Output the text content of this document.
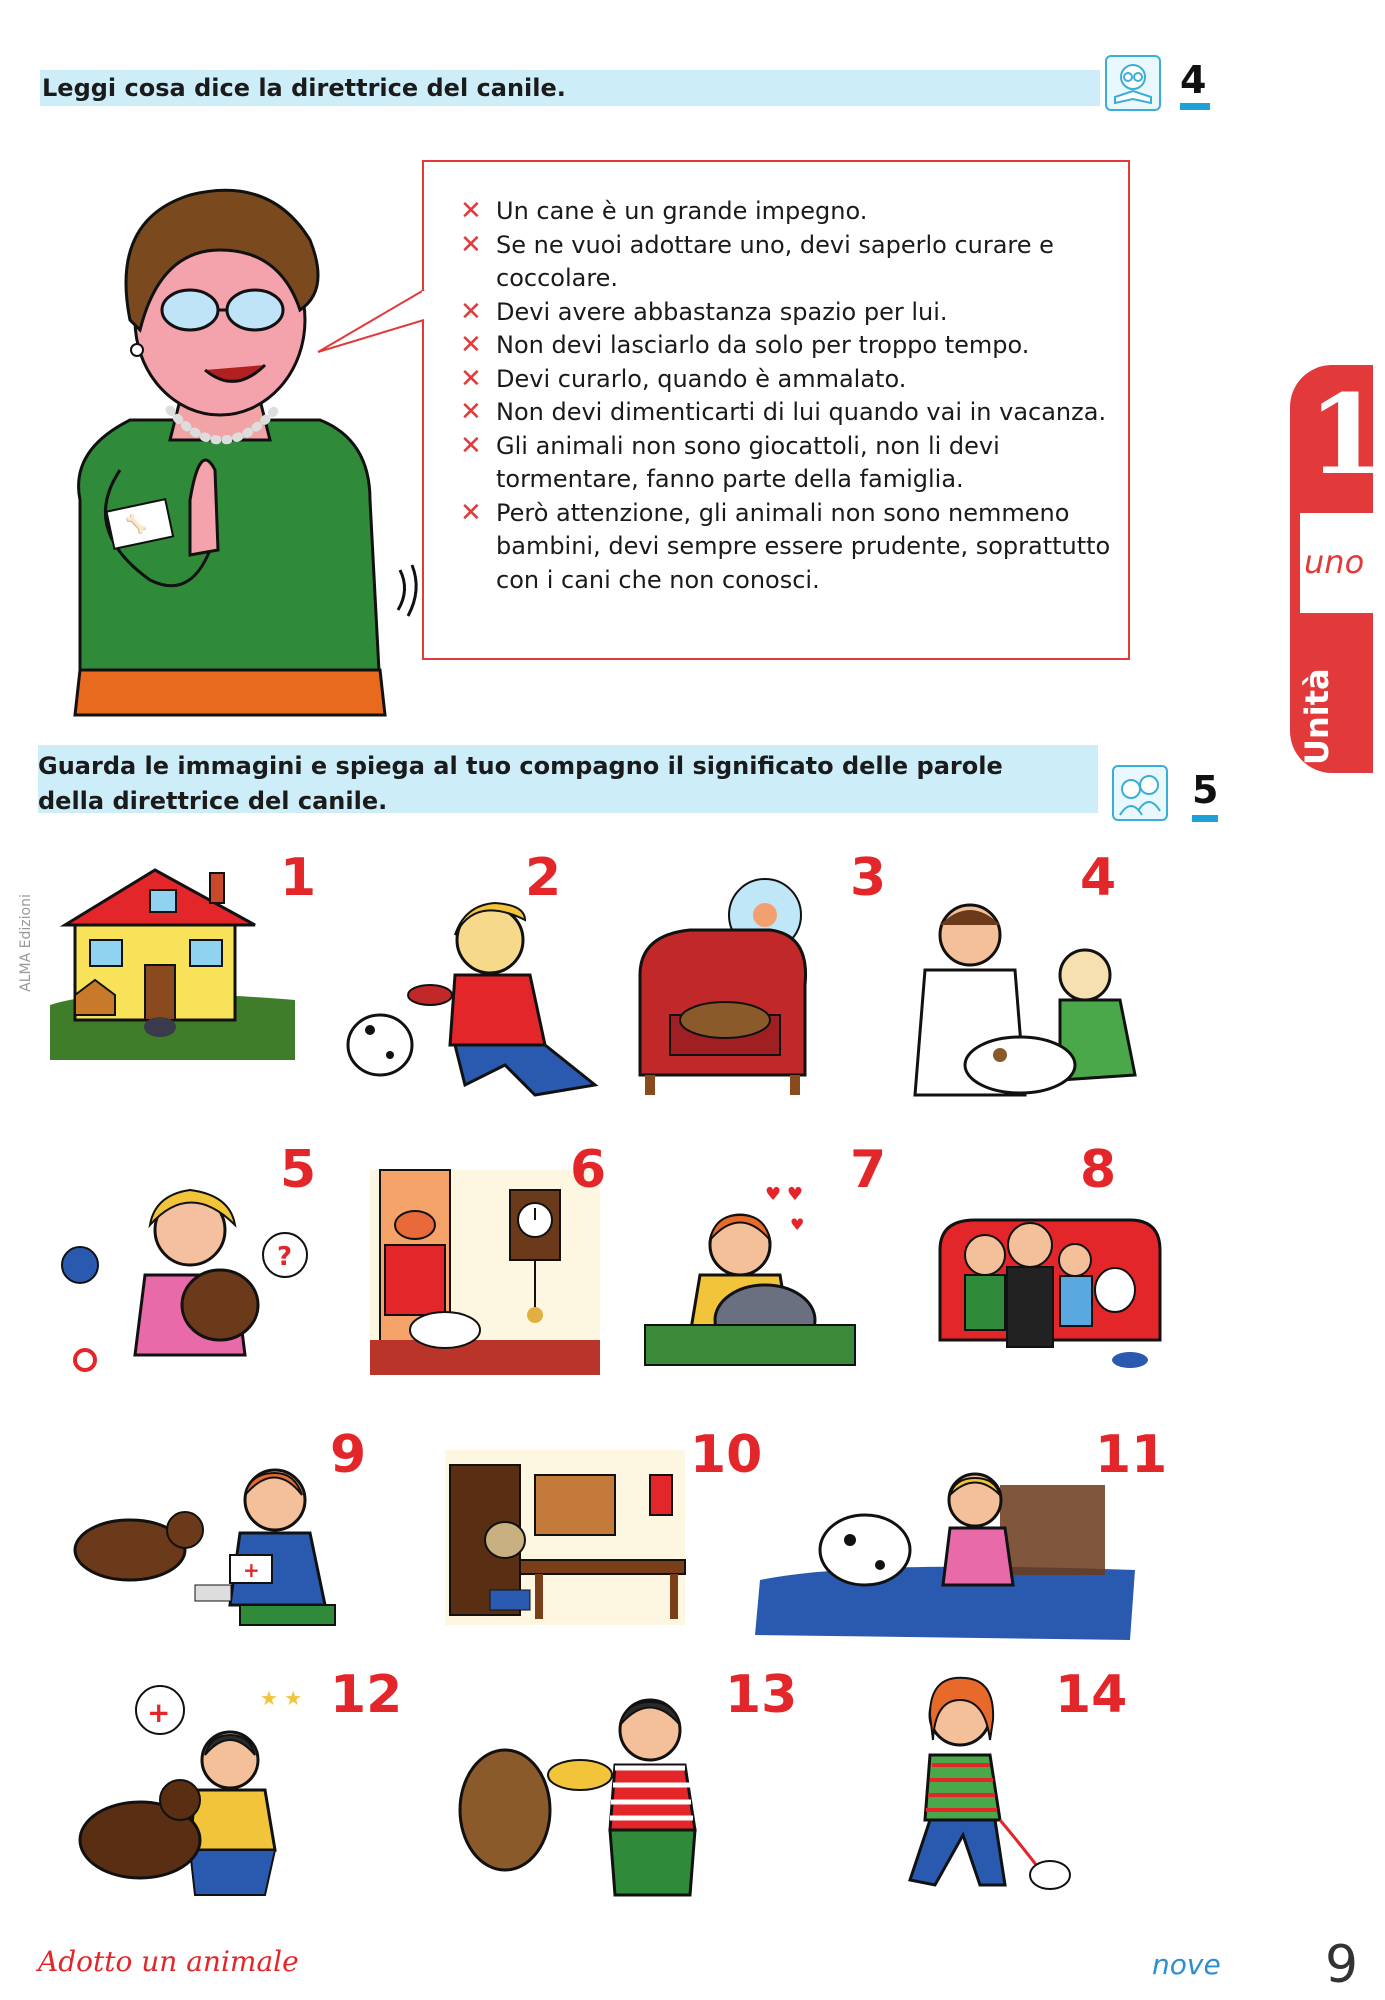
Leggi cosa dice la direttrice del canile.	4
🦴
✕ Un cane è un grande impegno.
✕ Se ne vuoi adottare uno, devi saperlo curare e coccolare.
✕ Devi avere abbastanza spazio per lui.
✕ Non devi lasciarlo da solo per troppo tempo.
✕ Devi curarlo, quando è ammalato.
✕ Non devi dimenticarti di lui quando vai in vacanza.
✕ Gli animali non sono giocattoli, non li devi tormentare, fanno parte della famiglia.
✕ Però attenzione, gli animali non sono nemmeno bambini, devi sempre essere prudente, soprattutto con i cani che non conosci.
1
uno
Unità
Guarda le immagini e spiega al tuo compagno il significato delle parole
della direttrice del canile.	5
1	2	3	4
?
5	6	♥ ♥
♥
7	8
+
9	10	11
+	★ ★ 12	13	14
ALMA Edizioni
Adotto un animale	nove 9
